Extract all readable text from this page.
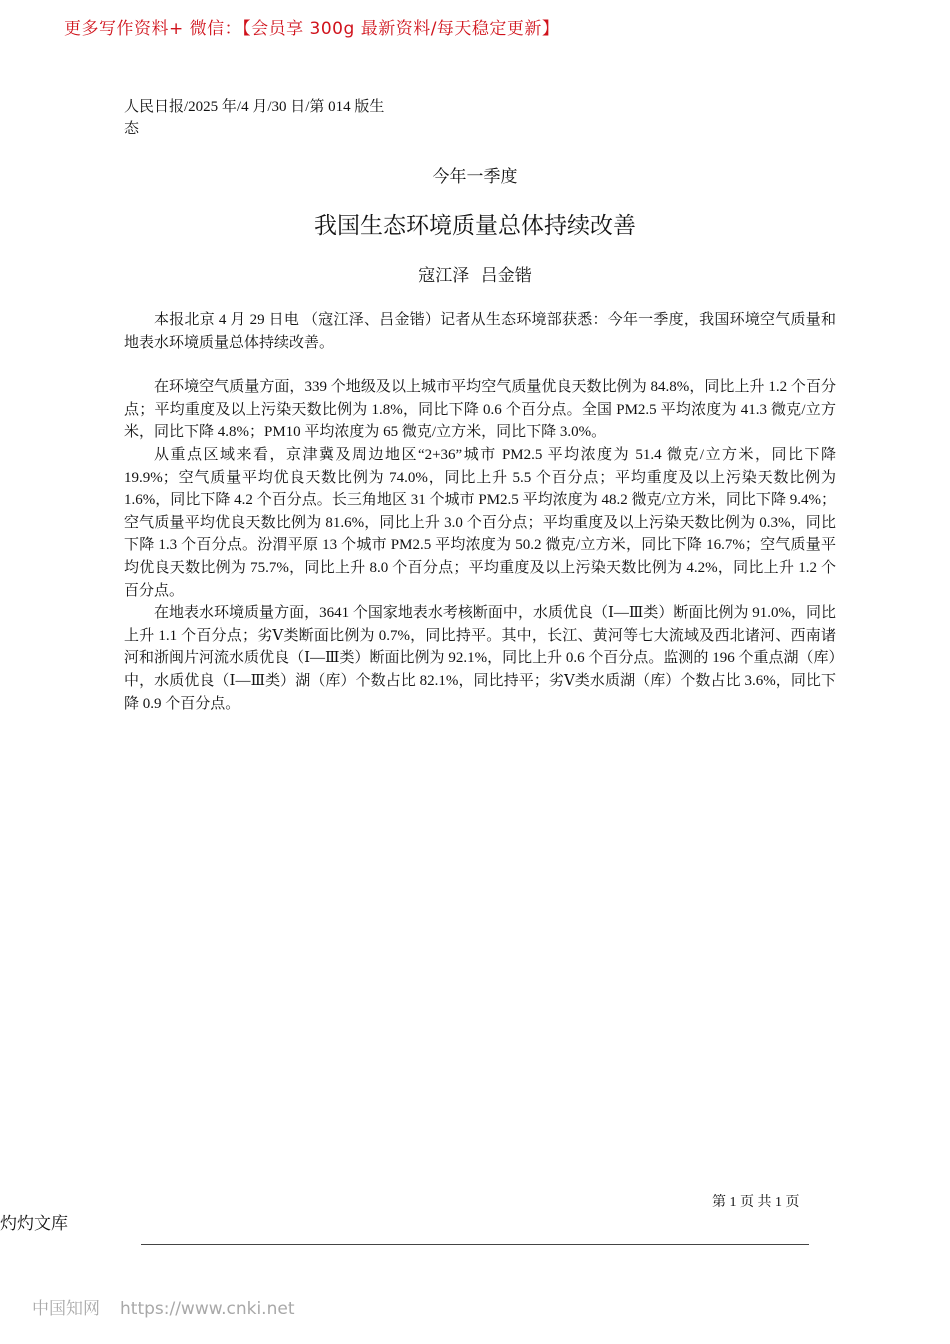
更多写作资料+ 微信：【会员享 300g 最新资料/每天稳定更新】
人民日报/2025 年/4 月/30 日/第 014 版生态
今年一季度
我国生态环境质量总体持续改善
寇江泽 吕金锴

本报北京 4 月 29 日电 （寇江泽、吕金锴）记者从生态环境部获悉：今年一季度，我国环境空气质量和地表水环境质量总体持续改善。

在环境空气质量方面，339 个地级及以上城市平均空气质量优良天数比例为 84.8%，同比上升 1.2 个百分点；平均重度及以上污染天数比例为 1.8%，同比下降 0.6 个百分点。全国 PM2.5 平均浓度为 41.3 微克/立方米，同比下降 4.8%；PM10 平均浓度为 65 微克/立方米，同比下降 3.0%。

从重点区域来看，京津冀及周边地区“2+36”城市 PM2.5 平均浓度为 51.4 微克/立方米，同比下降 19.9%；空气质量平均优良天数比例为 74.0%，同比上升 5.5 个百分点；平均重度及以上污染天数比例为 1.6%，同比下降 4.2 个百分点。长三角地区 31 个城市 PM2.5 平均浓度为 48.2 微克/立方米，同比下降 9.4%；空气质量平均优良天数比例为 81.6%，同比上升 3.0 个百分点；平均重度及以上污染天数比例为 0.3%，同比下降 1.3 个百分点。汾渭平原 13 个城市 PM2.5 平均浓度为 50.2 微克/立方米，同比下降 16.7%；空气质量平均优良天数比例为 75.7%，同比上升 8.0 个百分点；平均重度及以上污染天数比例为 4.2%，同比上升 1.2 个百分点。

在地表水环境质量方面，3641 个国家地表水考核断面中，水质优良（Ⅰ—Ⅲ类）断面比例为 91.0%，同比上升 1.1 个百分点；劣Ⅴ类断面比例为 0.7%，同比持平。其中，长江、黄河等七大流域及西北诸河、西南诸河和浙闽片河流水质优良（Ⅰ—Ⅲ类）断面比例为 92.1%，同比上升 0.6 个百分点。监测的 196 个重点湖（库）中，水质优良（Ⅰ—Ⅲ类）湖（库）个数占比 82.1%，同比持平；劣Ⅴ类水质湖（库）个数占比 3.6%，同比下降 0.9 个百分点。

第 1 页 共 1 页
灼灼文库
中国知网 https://www.cnki.net
